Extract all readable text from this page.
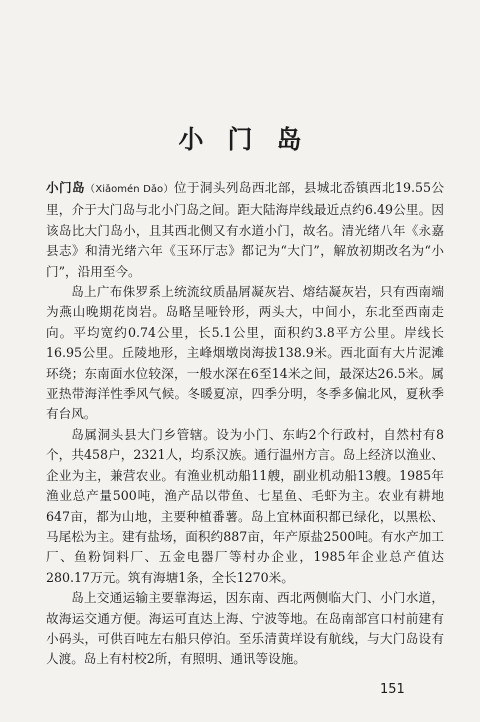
小门岛

小门岛（Xiǎomén Dǎo）位于洞头列岛西北部，县城北岙镇西北19.55公里，介于大门岛与北小门岛之间。距大陆海岸线最近点约6.49公里。因该岛比大门岛小，且其西北侧又有水道小门，故名。清光绪八年《永嘉县志》和清光绪六年《玉环厅志》都记为“大门”，解放初期改名为“小门”，沿用至今。

岛上广布侏罗系上统流纹质晶屑凝灰岩、熔结凝灰岩，只有西南端为燕山晚期花岗岩。岛略呈哑铃形，两头大，中间小，东北至西南走向。平均宽约0.74公里，长5.1公里，面积约3.8平方公里。岸线长16.95公里。丘陵地形，主峰烟墩岗海拔138.9米。西北面有大片泥滩环绕；东南面水位较深，一般水深在6至14米之间，最深达26.5米。属亚热带海洋性季风气候。冬暖夏凉，四季分明，冬季多偏北风，夏秋季有台风。

岛属洞头县大门乡管辖。设为小门、东屿2个行政村，自然村有8个，共458户，2321人，均系汉族。通行温州方言。岛上经济以渔业、企业为主，兼营农业。有渔业机动船11艘，副业机动船13艘。1985年渔业总产量500吨，渔产品以带鱼、七星鱼、毛虾为主。农业有耕地647亩，都为山地，主要种植番薯。岛上宜林面积都已绿化，以黑松、马尾松为主。建有盐场，面积约887亩，年产原盐2500吨。有水产加工厂、鱼粉饲料厂、五金电器厂等村办企业，1985年企业总产值达280.17万元。筑有海塘1条，全长1270米。

岛上交通运输主要靠海运，因东南、西北两侧临大门、小门水道，故海运交通方便。海运可直达上海、宁波等地。在岛南部宫口村前建有小码头，可供百吨左右船只停泊。至乐清黄垟设有航线，与大门岛设有人渡。岛上有村校2所，有照明、通讯等设施。

151
